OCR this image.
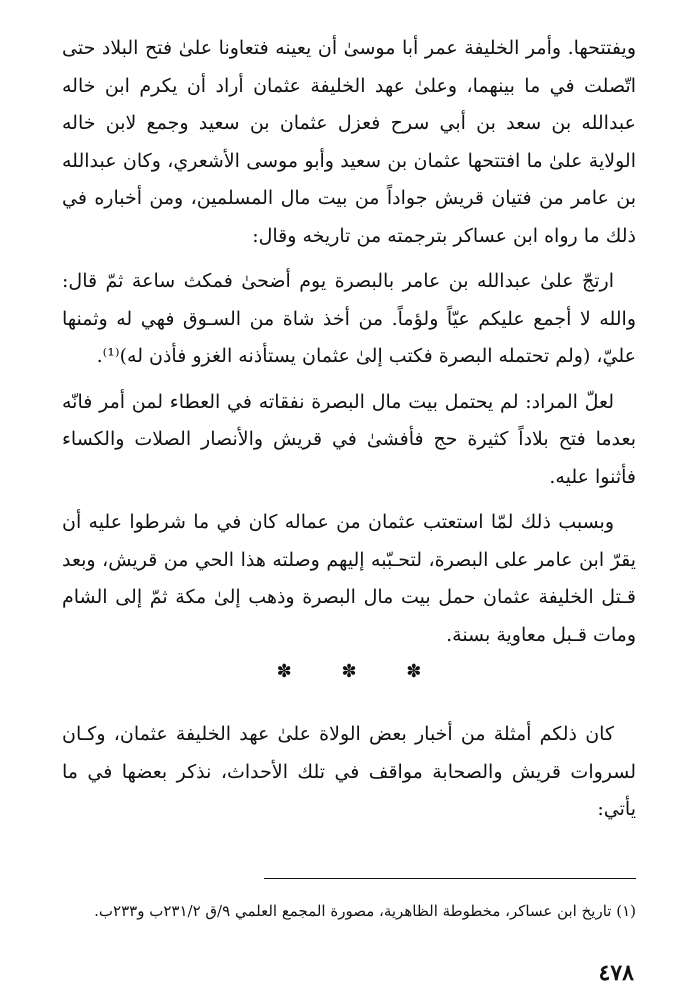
ويفتتحها. وأمر الخليفة عمر أبا موسىٰ أن يعينه فتعاونا علىٰ فتح البلاد حتى اتّصلت في ما بينهما، وعلىٰ عهد الخليفة عثمان أراد أن يكرم ابن خاله عبدالله بن سعد بن أبي سرح فعزل عثمان بن سعيد وجمع لابن خاله الولاية علىٰ ما افتتحها عثمان بن سعيد وأبو موسى الأشعري، وكان عبدالله بن عامر من فتيان قريش جواداً من بيت مال المسلمين، ومن أخباره في ذلك ما رواه ابن عساكر بترجمته من تاريخه وقال:

ارتجّ علىٰ عبدالله بن عامر بالبصرة يوم أضحىٰ فمكث ساعة ثمّ قال: والله لا أجمع عليكم عيّاً ولؤماً. من أخذ شاة من السـوق فهي له وثمنها عليّ، (ولم تحتمله البصرة فكتب إلىٰ عثمان يستأذنه الغزو فأذن له)⁽¹⁾.

لعلّ المراد: لم يحتمل بيت مال البصرة نفقاته في العطاء لمن أمر فانّه بعدما فتح بلاداً كثيرة حج فأفشىٰ في قريش والأنصار الصلات والكساء فأثنوا عليه.

وبسبب ذلك لمّا استعتب عثمان من عماله كان في ما شرطوا عليه أن يقرّ ابن عامر على البصرة، لتحـبّبه إليهم وصلته هذا الحي من قريش، وبعد قـتل الخليفة عثمان حمل بيت مال البصرة وذهب إلىٰ مكة ثمّ إلى الشام ومات قـبل معاوية بسنة.

✽	✽	✽

كان ذلكم أمثلة من أخبار بعض الولاة علىٰ عهد الخليفة عثمان، وكـان لسروات قريش والصحابة مواقف في تلك الأحداث، نذكر بعضها في ما يأتي:

(١) تاريخ ابن عساكر، مخطوطة الظاهرية، مصورة المجمع العلمي ٩/ق ٢٣١/٢ب و٢٣٣ب.
٤٧٨
